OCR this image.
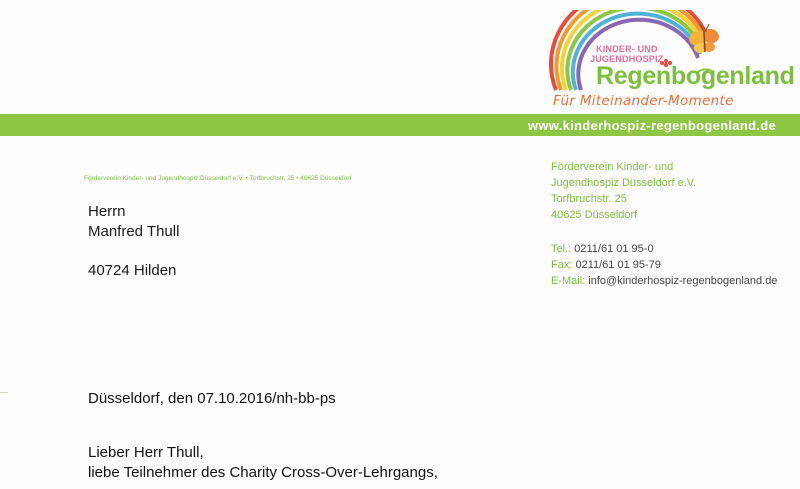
KINDER- UND
JUGENDHOSPIZ
Regenbogenland
Für Miteinander-Momente
www.kinderhospiz-regenbogenland.de
Förderverein Kinder- und Jugendhospiz Düsseldorf e.V. • Torfbruchstr. 25 • 40625 Düsseldorf
Förderverein Kinder- und
Jugendhospiz Düsseldorf e.V.
Torfbruchstr. 25
40625 Düsseldorf
Tel.: 0211/61 01 95-0
Fax: 0211/61 01 95-79
E-Mail: info@kinderhospiz-regenbogenland.de
Herrn
Manfred Thull
40724 Hilden
Düsseldorf, den 07.10.2016/nh-bb-ps
Lieber Herr Thull,
liebe Teilnehmer des Charity Cross-Over-Lehrgangs,
